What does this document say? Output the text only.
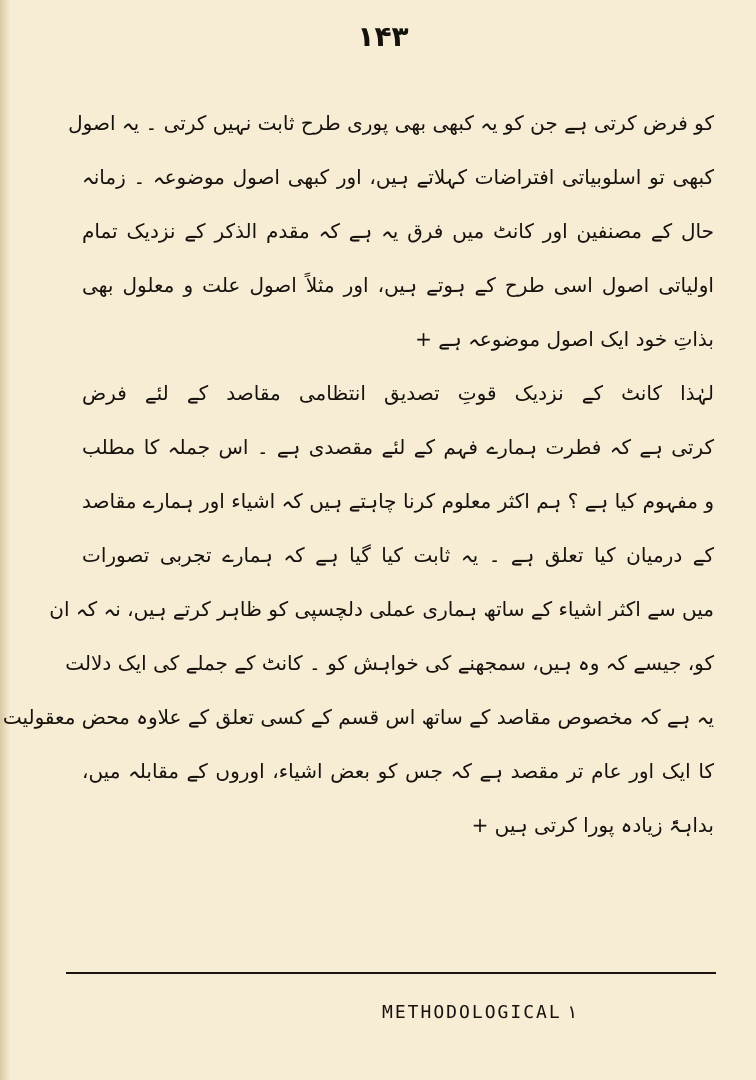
۱۴۳
کو فرض کرتی ہے جن کو یہ کبھی بھی پوری طرح ثابت نہیں کرتی ۔ یہ اصول
کبھی تو اسلوبیاتی افتراضات کہلاتے ہیں، اور کبھی اصول موضوعہ ۔ زمانہ
حال کے مصنفین اور کانٹ میں فرق یہ ہے کہ مقدم الذکر کے نزدیک تمام
اولیاتی اصول اسی طرح کے ہوتے ہیں، اور مثلاً اصول علت و معلول بھی
بذاتِ خود ایک اصول موضوعہ ہے +
لہٰذا کانٹ کے نزدیک قوتِ تصدیق انتظامی مقاصد کے لئے فرض
کرتی ہے کہ فطرت ہمارے فہم کے لئے مقصدی ہے ۔ اس جملہ کا مطلب
و مفہوم کیا ہے ؟ ہم اکثر معلوم کرنا چاہتے ہیں کہ اشیاء اور ہمارے مقاصد
کے درمیان کیا تعلق ہے ۔ یہ ثابت کیا گیا ہے کہ ہمارے تجربی تصورات
میں سے اکثر اشیاء کے ساتھ ہماری عملی دلچسپی کو ظاہر کرتے ہیں، نہ کہ ان
کو، جیسے کہ وہ ہیں، سمجھنے کی خواہش کو ۔ کانٹ کے جملے کی ایک دلالت
یہ ہے کہ مخصوص مقاصد کے ساتھ اس قسم کے کسی تعلق کے علاوہ محض معقولیت
کا ایک اور عام تر مقصد ہے کہ جس کو بعض اشیاء، اوروں کے مقابلہ میں،
بداہۃً زیادہ پورا کرتی ہیں +
۱ METHODOLOGICAL
